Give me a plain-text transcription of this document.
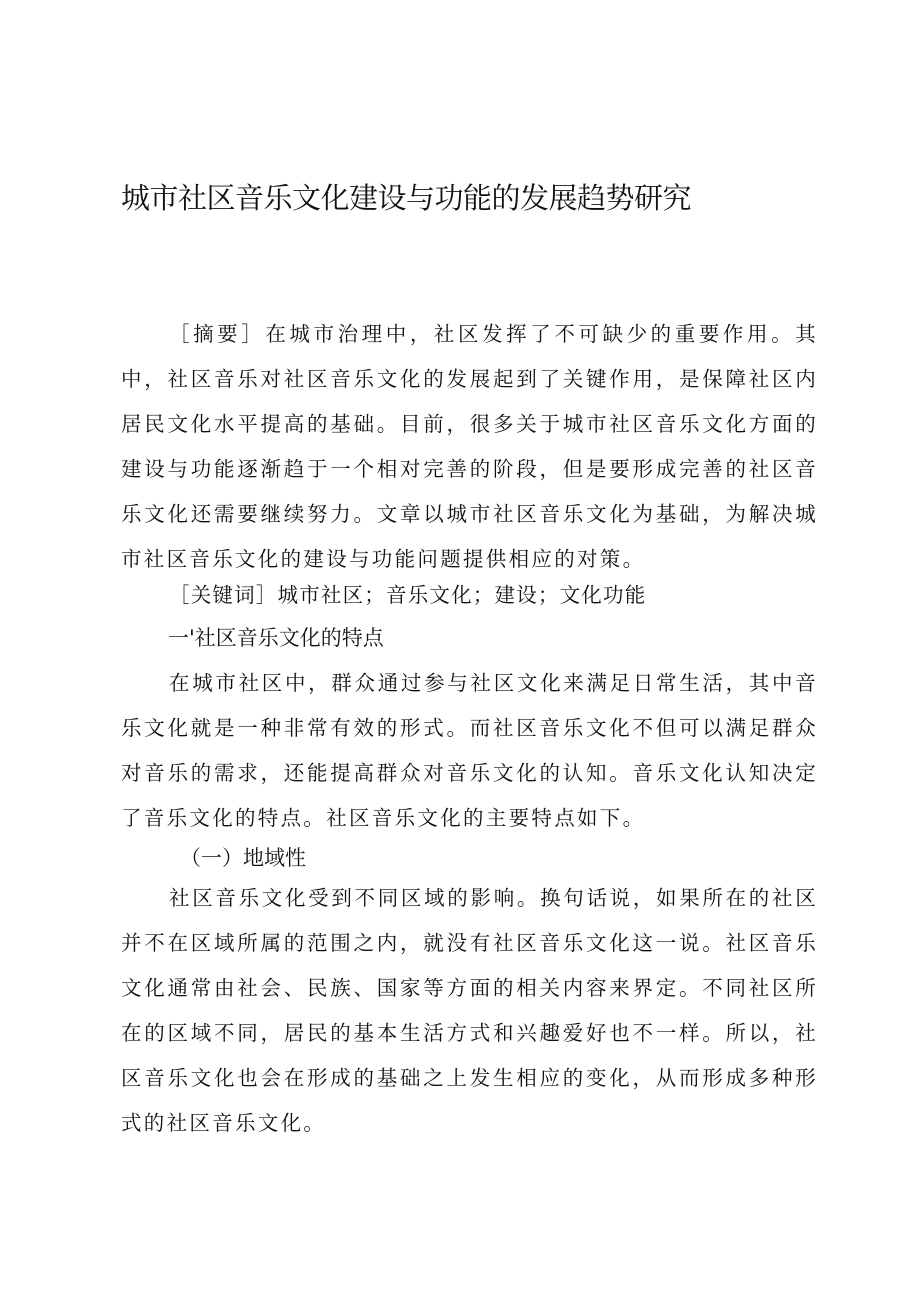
城市社区音乐文化建设与功能的发展趋势研究
［摘要］在城市治理中，社区发挥了不可缺少的重要作用。其中，社区音乐对社区音乐文化的发展起到了关键作用，是保障社区内居民文化水平提高的基础。目前，很多关于城市社区音乐文化方面的建设与功能逐渐趋于一个相对完善的阶段，但是要形成完善的社区音乐文化还需要继续努力。文章以城市社区音乐文化为基础，为解决城市社区音乐文化的建设与功能问题提供相应的对策。
［关键词］城市社区；音乐文化；建设；文化功能
一'社区音乐文化的特点
在城市社区中，群众通过参与社区文化来满足日常生活，其中音乐文化就是一种非常有效的形式。而社区音乐文化不但可以满足群众对音乐的需求，还能提高群众对音乐文化的认知。音乐文化认知决定了音乐文化的特点。社区音乐文化的主要特点如下。
（一）地域性
社区音乐文化受到不同区域的影响。换句话说，如果所在的社区并不在区域所属的范围之内，就没有社区音乐文化这一说。社区音乐文化通常由社会、民族、国家等方面的相关内容来界定。不同社区所在的区域不同，居民的基本生活方式和兴趣爱好也不一样。所以，社区音乐文化也会在形成的基础之上发生相应的变化，从而形成多种形式的社区音乐文化。
